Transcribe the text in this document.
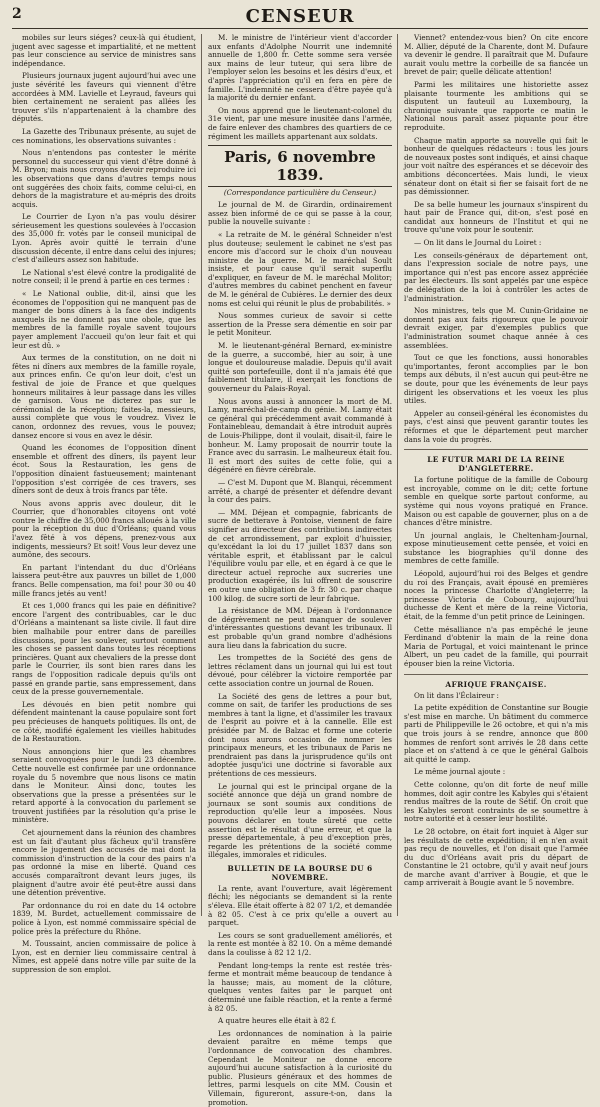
2	CENSEUR

mobiles sur leurs siéges? ceux-là qui étudient, jugent avec sagesse et impartialité, et ne mettent pas leur conscience au service de ministres sans indépendance.

Plusieurs journaux jugent aujourd'hui avec une juste sévérité les faveurs qui viennent d'être accordées à MM. Lavielle et Leyraud, faveurs qui bien certainement ne seraient pas allées les trouver s'ils n'appartenaient à la chambre des députés.

La Gazette des Tribunaux présente, au sujet de ces nominations, les observations suivantes :

Nous n'entendons pas contester le mérite personnel du successeur qui vient d'être donné à M. Bryon; mais nous croyons devoir reproduire ici les observations que dans d'autres temps nous ont suggérées des choix faits, comme celui-ci, en dehors de la magistrature et au-mépris des droits acquis.

Le Courrier de Lyon n'a pas voulu désirer sérieusement les questions soulevées à l'occasion des 35,000 fr. votés par le conseil municipal de Lyon. Après avoir quitté le terrain d'une discussion décente, il entre dans celui des injures; c'est d'ailleurs assez son habitude.

Le National s'est élevé contre la prodigalité de notre conseil; il le prend à partie en ces termes :

« Le National oublie, dit-il, ainsi que les économes de l'opposition qui ne manquent pas de manger de bons dîners à la face des indigents auxquels ils ne donnent pas une obole, que les membres de la famille royale savent toujours payer amplement l'accueil qu'on leur fait et qui leur est dû. »

Aux termes de la constitution, on ne doit ni fêtes ni dîners aux membres de la famille royale, aux princes enfin. Ce qu'on leur doit, c'est un festival de joie de France et que quelques honneurs militaires à leur passage dans les villes de garnison. Vous ne dicterez pas sur le cérémonial de la réception; faites-la, messieurs, aussi complète que vous le voudrez. Vivez le canon, ordonnez des revues, vous le pouvez; dansez encore si vous en avez le désir.

Quand les économes de l'opposition dînent ensemble et offrent des dîners, ils payent leur écot. Sous la Restauration, les gens de l'opposition dînaient fastueusement; maintenant l'opposition s'est corrigée de ces travers, ses dîners sont de deux à trois francs par tête.

Nous avons appris avec douleur, dit le Courrier, que d'honorables citoyens ont voté contre le chiffre de 35,000 francs alloués à la ville pour la réception du duc d'Orléans; quand vous l'avez fêté à vos dépens, prenez-vous aux indigents, messieurs? Et soit! Vous leur devez une aumône, des secours.

En partant l'intendant du duc d'Orléans laissera peut-être aux pauvres un billet de 1,000 francs. Belle compensation, ma foi! pour 30 ou 40 mille francs jetés au vent!

Et ces 1,000 francs qui les paie en définitive? encore l'argent des contribuables, car le duc d'Orléans a maintenant sa liste civile. Il faut dire bien malhabile pour entrer dans de pareilles discussions, pour les soulever, surtout comment les choses se passent dans toutes les réceptions princières. Quant aux chevaliers de la presse dont parle le Courrier, ils sont bien rares dans les rangs de l'opposition radicale depuis qu'ils ont passé en grande partie, sans empressement, dans ceux de la presse gouvernementale.

Les dévoués en bien petit nombre qui défendent maintenant la cause populaire sont fort peu précieuses de hanquets politiques. Ils ont, de ce côté, modifié également les vieilles habitudes de la Restauration.

Nous annonçions hier que les chambres seraient convoquées pour le lundi 23 décembre. Cette nouvelle est confirmée par une ordonnance royale du 5 novembre que nous lisons ce matin dans le Moniteur. Ainsi donc, toutes les observations que la presse a présentées sur le retard apporté à la convocation du parlement se trouvent justifiées par la résolution qu'a prise le ministère.

Cet ajournement dans la réunion des chambres est un fait d'autant plus fâcheux qu'il transfère encore le jugement des accusés de mai dont la commission d'instruction de la cour des pairs n'a pas ordonné la mise en liberté. Quand ces accusés comparaîtront devant leurs juges, ils plaignent d'autre avoir été peut-être aussi dans une détention préventive.

Par ordonnance du roi en date du 14 octobre 1839, M. Burdet, actuellement commissaire de police à Lyon, est nommé commissaire spécial de police près la préfecture du Rhône.

M. Toussaint, ancien commissaire de police à Lyon, est en dernier lieu commissaire central à Nîmes, est appelé dans notre ville par suite de la suppression de son emploi.

M. le ministre de l'intérieur vient d'accorder aux enfants d'Adolphe Nourrit une indemnité annuelle de 1,800 fr. Cette somme sera versée aux mains de leur tuteur, qui sera libre de l'employer selon les besoins et les désirs d'eux, et d'après l'appréciation qu'il en fera en père de famille. L'indemnité ne cessera d'être payée qu'à la majorité du dernier enfant.

On nous apprend que le lieutenant-colonel du 31e vient, par une mesure inusitée dans l'armée, de faire enlever des chambres des quartiers de ce régiment les maillets appartenant aux soldats.

Paris, 6 novembre 1839.
(Correspondance particulière du Censeur.)

Le journal de M. de Girardin, ordinairement assez bien informé de ce qui se passe à la cour, publie la nouvelle suivante :

« La retraite de M. le général Schneider n'est plus douteuse; seulement le cabinet ne s'est pas encore mis d'accord sur le choix d'un nouveau ministre de la guerre. M. le maréchal Soult insiste, et pour cause qu'il serait superflu d'expliquer, en faveur de M. le maréchal Molitor; d'autres membres du cabinet penchent en faveur de M. le général de Cubières. Le dernier des deux noms est celui qui réunit le plus de probabilités. »

Nous sommes curieux de savoir si cette assertion de la Presse sera démentie en soir par le petit Moniteur.

M. le lieutenant-général Bernard, ex-ministre de la guerre, a succombé, hier au soir, à une longue et douloureuse maladie. Depuis qu'il avait quitté son portefeuille, dont il n'a jamais été que faiblement titulaire, il exerçait les fonctions de gouverneur du Palais-Royal.

Nous avons aussi à annoncer la mort de M. Lamy, maréchal-de-camp du génie. M. Lamy était ce général qui précédemment avait commandé à Fontainebleau, demandait à être introduit auprès de Louis-Philippe, dont il voulait, disait-il, faire le bonheur. M. Lamy proposait de nourrir toute la France avec du sarrasin. Le malheureux était fou. Il est mort des suites de cette folie, qui a dégénéré en fièvre cérébrale.

— C'est M. Dupont que M. Blanqui, récemment arrêté, a chargé de présenter et défendre devant la cour des pairs.

— MM. Déjean et compagnie, fabricants de sucre de betterave à Pontoise, viennent de faire signifier au directeur des contributions indirectes de cet arrondissement, par exploit d'huissier, qu'excédant la loi du 17 juillet 1837 dans son véritable esprit, et établissant par le calcul l'équilibre voulu par elle, et en égard à ce que le directeur actuel reproche aux sucreries une production exagérée, ils lui offrent de souscrire en outre une obligation de 3 fr. 30 c. par chaque 100 kilog. de sucre sorti de leur fabrique.

La résistance de MM. Déjean à l'ordonnance de dégrèvement ne peut manquer de soulever d'intéressantes questions devant les tribunaux. Il est probable qu'un grand nombre d'adhésions aura lieu dans la fabrication du sucre.

Les trompettes de la Société des gens de lettres réclament dans un journal qui lui est tout dévoué, pour célébrer la victoire remportée par cette association contre un journal de Rouen.

La Société des gens de lettres a pour but, comme on sait, de tarifer les productions de ses membres à tant la ligne, et d'assimiler les travaux de l'esprit au poivre et à la cannelle. Elle est présidée par M. de Balzac et forme une coterie dont nous aurons occasion de nommer les principaux meneurs, et les tribunaux de Paris ne prendraient pas dans la jurisprudence qu'ils ont adoptée jusqu'ici une doctrine si favorable aux prétentions de ces messieurs.

Le journal qui est le principal organe de la société annonce que déjà un grand nombre de journaux se sont soumis aux conditions de reproduction qu'elle leur a imposées. Nous pouvons déclarer en toute sûreté que cette assertion est le résultat d'une erreur, et que la presse départementale, à peu d'exception près, regarde les prétentions de la société comme illégales, immorales et ridicules.

BULLETIN DE LA BOURSE DU 6 NOVEMBRE.

La rente, avant l'ouverture, avait légèrement fléchi; les négociants se demandent si la rente s'éleva. Elle était offerte à 82 07 1/2, et demandée à 82 05. C'est à ce prix qu'elle a ouvert au parquet.

Les cours se sont graduellement améliorés, et la rente est montée à 82 10. On a même demandé dans la coulisse à 82 12 1/2.

Pendant long-temps la rente est restée très-ferme et montrait même beaucoup de tendance à la hausse; mais, au moment de la clôture, quelques ventes faites par le parquet ont déterminé une faible réaction, et la rente a fermé à 82 05.

A quatre heures elle était à 82 f.

Les ordonnances de nomination à la pairie devaient paraître en même temps que l'ordonnance de convocation des chambres. Cependant le Moniteur ne donne encore aujourd'hui aucune satisfaction à la curiosité du public. Plusieurs généraux et des hommes de lettres, parmi lesquels on cite MM. Cousin et Villemain, figureront, assure-t-on, dans la promotion.

Viennet? entendez-vous bien? On cite encore M. Allier, député de la Charente, dont M. Dufaure va devenir le gendre. Il paraîtrait que M. Dufaure aurait voulu mettre la corbeille de sa fiancée un brevet de pair; quelle délicate attention!

Parmi les militaires une historiette assez plaisante tourmente les ambitions qui se disputent un fauteuil au Luxembourg, la chronique suivante que rapporte ce matin le National nous paraît assez piquante pour être reproduite.

Chaque matin apporte sa nouvelle qui fait le bonheur de quelques rédacteurs : tous les jours de nouveaux postes sont indiqués, et ainsi chaque jour voit naître des espérances et se décevoir des ambitions déconcertées. Mais lundi, le vieux sénateur dont on était si fier se faisait fort de ne pas démissionner.

De sa belle humeur les journaux s'inspirent du haut pair de France qui, dit-on, s'est posé en candidat aux honneurs de l'Institut et qui ne trouve qu'une voix pour le soutenir.

— On lit dans le Journal du Loiret :

Les conseils-généraux de département ont, dans l'expression sociale de notre pays, une importance qui n'est pas encore assez appréciée par les électeurs. Ils sont appelés par une espèce de délégation de la loi à contrôler les actes de l'administration.

Nos ministres, tels que M. Cunin-Gridaine ne donnent pas aux faits rigoureux que le pouvoir devrait exiger, par d'exemples publics que l'administration soumet chaque année à ces assemblées.

Tout ce que les fonctions, aussi honorables qu'importantes, feront accomplies par le bon temps aux débuts, il n'est aucun qui peut-être ne se doute, pour que les événements de leur pays dirigent les observations et les voeux les plus utiles.

Appeler au conseil-général les économistes du pays, c'est ainsi que peuvent garantir toutes les réformes et que le département peut marcher dans la voie du progrès.

LE FUTUR MARI DE LA REINE D'ANGLETERRE.

La fortune politique de la famille de Cobourg est incroyable, comme on le dit; cette fortune semble en quelque sorte partout conforme, au système qui nous voyons pratiqué en France. Maison ou est capable de gouverner, plus on a de chances d'être ministre.

Un journal anglais, le Cheltenham-Journal, expose minutieusement cette pensée, et voici en substance les biographies qu'il donne des membres de cette famille.

Léopold, aujourd'hui roi des Belges et gendre du roi des Français, avait épousé en premières noces la princesse Charlotte d'Angleterre; la princesse Victoria de Cobourg, aujourd'hui duchesse de Kent et mère de la reine Victoria, était, de la femme d'un petit prince de Leiningen.

Cette mésalliance n'a pas empêché le jeune Ferdinand d'obtenir la main de la reine dona Maria de Portugal, et voici maintenant le prince Albert, un peu cadet de la famille, qui pourrait épouser bien la reine Victoria.

AFRIQUE FRANÇAISE.

On lit dans l'Éclaireur :

La petite expédition de Constantine sur Bougie s'est mise en marche. Un bâtiment du commerce parti de Philippeville le 26 octobre, et qui n'a mis que trois jours à se rendre, annonce que 800 hommes de renfort sont arrivés le 28 dans cette place et on s'attend à ce que le général Galbois ait quitté le camp.

Le même journal ajoute :

Cette colonne, qu'on dit forte de neuf mille hommes, doit agir contre les Kabyles qui s'étaient rendus maîtres de la route de Sétif. On croit que les Kabyles seront contraints de se soumettre à notre autorité et à cesser leur hostilité.

Le 28 octobre, on était fort inquiet à Alger sur les résultats de cette expédition; il en n'en avait pas reçu de nouvelles, et l'on disait que l'armée du duc d'Orléans avait pris du départ de Constantine le 21 octobre, qu'il y avait neuf jours de marche avant d'arriver à Bougie, et que le camp arriverait à Bougie avant le 5 novembre.
